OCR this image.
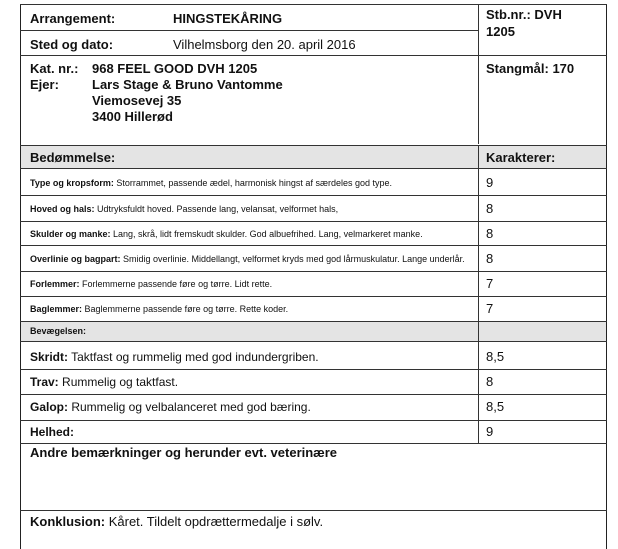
Arrangement:	HINGSTEKÅRING	Stb.nr.: DVH
1205
Sted og dato:	Vilhelmsborg den 20. april 2016
Kat. nr.: 968 FEEL GOOD DVH 1205
Ejer:	Lars Stage & Bruno Vantomme
Viemosevej 35
3400 Hillerød
Stangmål: 170
Bedømmelse:	Karakterer:
Type og kropsform: Storrammet, passende ædel, harmonisk hingst af særdeles god type.	9
Hoved og hals: Udtryksfuldt hoved. Passende lang, velansat, velformet hals,	8
Skulder og manke: Lang, skrå, lidt fremskudt skulder. God albuefrihed. Lang, velmarkeret manke.	8
Overlinie og bagpart: Smidig overlinie. Middellangt, velformet kryds med god lårmuskulatur. Lange underlår. 8
Forlemmer: Forlemmerne passende føre og tørre. Lidt rette.	7
Baglemmer: Baglemmerne passende føre og tørre. Rette koder.	7
Bevægelsen:
Skridt: Taktfast og rummelig med god indundergriben.	8,5
Trav: Rummelig og taktfast.	8
Galop: Rummelig og velbalanceret med god bæring.	8,5
Helhed:	9
Andre bemærkninger og herunder evt. veterinære
Konklusion: Kåret. Tildelt opdrættermedalje i sølv.
